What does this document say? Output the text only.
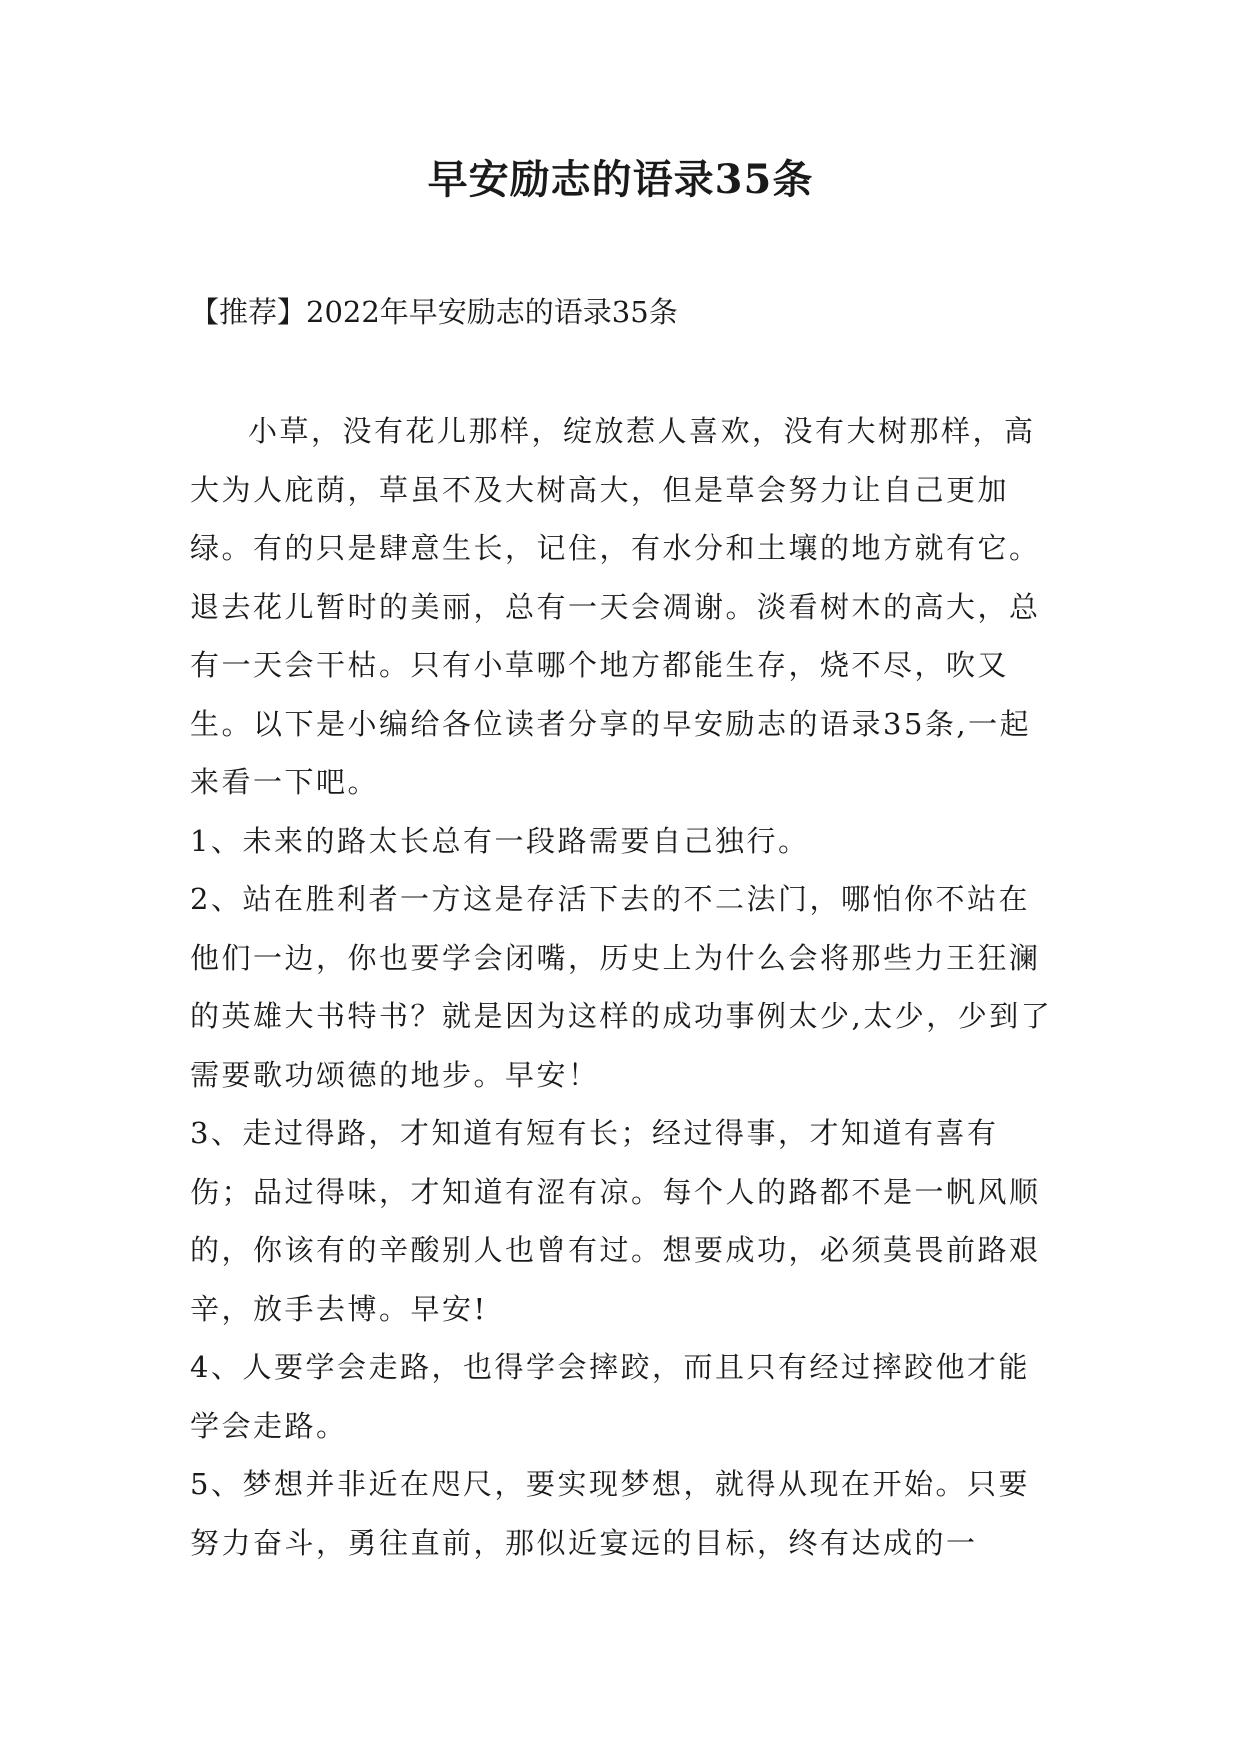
早安励志的语录35条

【推荐】2022年早安励志的语录35条

小草，没有花儿那样，绽放惹人喜欢，没有大树那样，高大为人庇荫，草虽不及大树高大，但是草会努力让自己更加绿。有的只是肆意生长，记住，有水分和土壤的地方就有它。退去花儿暂时的美丽，总有一天会凋谢。淡看树木的高大，总有一天会干枯。只有小草哪个地方都能生存，烧不尽，吹又生。以下是小编给各位读者分享的早安励志的语录35条,一起来看一下吧。

1、未来的路太长总有一段路需要自己独行。

2、站在胜利者一方这是存活下去的不二法门，哪怕你不站在他们一边，你也要学会闭嘴，历史上为什么会将那些力王狂澜的英雄大书特书？就是因为这样的成功事例太少,太少，少到了需要歌功颂德的地步。早安！

3、走过得路，才知道有短有长；经过得事，才知道有喜有伤；品过得味，才知道有涩有凉。每个人的路都不是一帆风顺的，你该有的辛酸别人也曾有过。想要成功，必须莫畏前路艰辛，放手去博。早安!

4、人要学会走路，也得学会摔跤，而且只有经过摔跤他才能学会走路。

5、梦想并非近在咫尺，要实现梦想，就得从现在开始。只要努力奋斗，勇往直前，那似近宴远的目标，终有达成的一
